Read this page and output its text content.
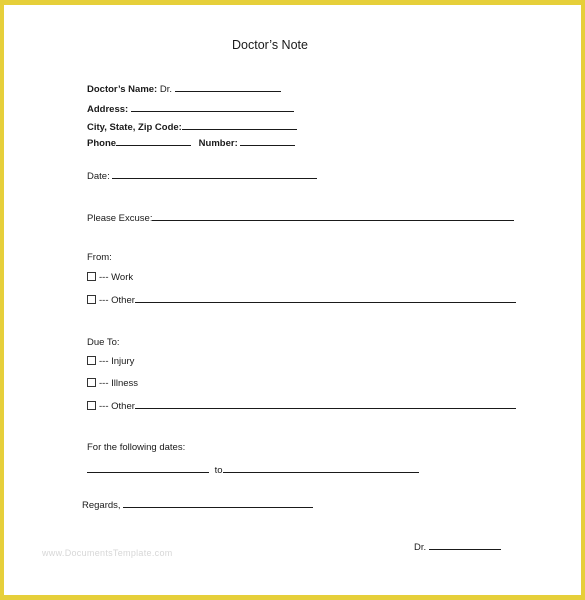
Doctor’s Note
Doctor’s Name: Dr.
Address:
City, State, Zip Code:
Phone	Number:
Date:
Please Excuse:
From:
--- Work
--- Other
Due To:
--- Injury
--- Illness
--- Other
For the following dates:
to
Regards,
Dr.
www.DocumentsTemplate.com
